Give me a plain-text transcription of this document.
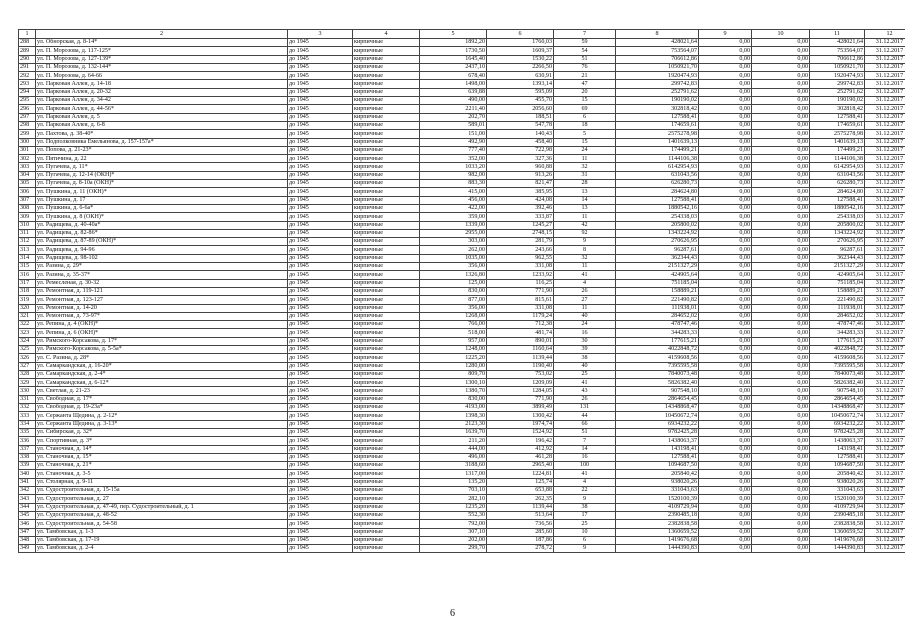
1	2	3	4	5	6	7	8	9	10	11	12
288	ул. Обнорская, д. 8-14*	до 1945	кирпичные	1892,20	1760,03	59	428021,64	0,00	0,00	428021,64	31.12.2017
289	ул. П. Морозова, д. 117-125*	до 1945	кирпичные	1730,50	1609,37	54	753564,07	0,00	0,00	753564,07	31.12.2017
290	ул. П. Морозова, д. 127-139*	до 1945	кирпичные	1645,40	1530,22	51	706612,86	0,00	0,00	706612,86	31.12.2017
291	ул. П. Морозова, д. 132-144*	до 1945	кирпичные	2437,10	2266,50	76	1050921,70	0,00	0,00	1050921,70	31.12.2017
292	ул. П. Морозова, д. 64-66	до 1945	кирпичные	678,40	630,91	21	1920474,93	0,00	0,00	1920474,93	31.12.2017
293	ул. Парковая Аллея, д. 14-18	до 1945	кирпичные	1498,00	1393,14	47	299742,83	0,00	0,00	299742,83	31.12.2017
294	ул. Парковая Аллея, д. 20-32	до 1945	кирпичные	639,88	595,09	20	252791,62	0,00	0,00	252791,62	31.12.2017
295	ул. Парковая Аллея, д. 34-42	до 1945	кирпичные	490,00	455,70	15	190190,02	0,00	0,00	190190,02	31.12.2017
296	ул. Парковая Аллея, д. 44-56*	до 1945	кирпичные	2211,40	2056,60	69	302818,42	0,00	0,00	302818,42	31.12.2017
297	ул. Парковая Аллея, д. 5	до 1945	кирпичные	202,70	188,51	6	127588,41	0,00	0,00	127588,41	31.12.2017
298	ул. Парковая Аллея, д. 6-8	до 1945	кирпичные	589,01	547,78	18	174659,61	0,00	0,00	174659,61	31.12.2017
299	ул. Пахтова, д. 38-40*	до 1945	кирпичные	151,00	140,43	5	2575278,98	0,00	0,00	2575278,98	31.12.2017
300	ул. Подполковника Емельянова, д. 157-157а*	до 1945	кирпичные	492,90	458,40	15	1401639,13	0,00	0,00	1401639,13	31.12.2017
301	ул. Попова, д. 21-23*	до 1945	кирпичные	777,40	722,98	24	174499,21	0,00	0,00	174499,21	31.12.2017
302	ул. Пятичина, д. 22	до 1945	кирпичные	352,00	327,36	11	1144106,38	0,00	0,00	1144106,38	31.12.2017
303	ул. Пугачева, д. 11*	до 1945	кирпичные	1033,20	960,88	32	6142954,93	0,00	0,00	6142954,93	31.12.2017
304	ул. Пугачева, д. 12-14 (ОКН)*	до 1945	кирпичные	982,00	913,26	31	631043,56	0,00	0,00	631043,56	31.12.2017
305	ул. Пугачева, д. 8-10а (ОКН)*	до 1945	кирпичные	883,30	821,47	28	626280,73	0,00	0,00	626280,73	31.12.2017
306	ул. Пушкина, д. 11 (ОКН)*	до 1945	кирпичные	415,00	385,95	13	284624,80	0,00	0,00	284624,80	31.12.2017
307	ул. Пушкина, д. 17	до 1945	кирпичные	456,00	424,08	14	127588,41	0,00	0,00	127588,41	31.12.2017
308	ул. Пушкина, д. 6-6а*	до 1945	кирпичные	422,00	392,46	13	1880542,16	0,00	0,00	1880542,16	31.12.2017
309	ул. Пушкина, д. 8 (ОКН)*	до 1945	кирпичные	359,00	333,87	11	254338,03	0,00	0,00	254338,03	31.12.2017
310	ул. Радищева, д. 40-40а*	до 1945	кирпичные	1339,00	1245,27	42	205800,02	0,00	0,00	205800,02	31.12.2017
311	ул. Радищева, д. 82-86*	до 1945	кирпичные	2955,00	2748,15	92	1343224,92	0,00	0,00	1343224,92	31.12.2017
312	ул. Радищева, д. 87-89 (ОКН)*	до 1945	кирпичные	303,00	281,79	9	270626,95	0,00	0,00	270626,95	31.12.2017
313	ул. Радищева, д. 94-96	до 1945	кирпичные	262,00	243,66	8	96287,61	0,00	0,00	96287,61	31.12.2017
314	ул. Радищева, д. 98-102	до 1945	кирпичные	1035,00	962,55	32	362344,43	0,00	0,00	362344,43	31.12.2017
315	ул. Разина, д. 29*	до 1945	кирпичные	356,00	331,08	11	2151327,29	0,00	0,00	2151327,29	31.12.2017
316	ул. Разина, д. 35-37*	до 1945	кирпичные	1326,80	1233,92	41	424905,64	0,00	0,00	424905,64	31.12.2017
317	ул. Ремесленая, д. 30-32	до 1945	кирпичные	125,00	116,25	4	751185,04	0,00	0,00	751185,04	31.12.2017
318	ул. Ремонтная, д. 119-121	до 1945	кирпичные	830,00	771,90	26	158889,21	0,00	0,00	158889,21	31.12.2017
319	ул. Ремонтная, д. 123-127	до 1945	кирпичные	877,00	815,61	27	221490,82	0,00	0,00	221490,82	31.12.2017
320	ул. Ремонтная, д. 14-20	до 1945	кирпичные	356,00	331,08	11	111938,01	0,00	0,00	111938,01	31.12.2017
321	ул. Ремонтная, д. 73-97*	до 1945	кирпичные	1268,00	1179,24	40	284652,02	0,00	0,00	284652,02	31.12.2017
322	ул. Репина, д. 4 (ОКН)*	до 1945	кирпичные	766,00	712,38	24	478747,46	0,00	0,00	478747,46	31.12.2017
323	ул. Репина, д. 6 (ОКН)*	до 1945	кирпичные	518,00	481,74	16	344283,33	0,00	0,00	344283,33	31.12.2017
324	ул. Римского-Корсакова, д. 17*	до 1945	кирпичные	957,00	890,01	30	177615,21	0,00	0,00	177615,21	31.12.2017
325	ул. Римского-Корсакова, д. 5-5а*	до 1945	кирпичные	1248,00	1160,64	39	4022848,72	0,00	0,00	4022848,72	31.12.2017
326	ул. С. Разина, д. 28*	до 1945	кирпичные	1225,20	1139,44	38	4159608,56	0,00	0,00	4159608,56	31.12.2017
327	ул. Самаркандская, д. 16-20*	до 1945	кирпичные	1280,00	1190,40	40	7395595,58	0,00	0,00	7395595,58	31.12.2017
328	ул. Самаркандская, д. 2-4*	до 1945	кирпичные	809,70	753,02	25	7840073,48	0,00	0,00	7840073,48	31.12.2017
329	ул. Самаркандская, д. 6-12*	до 1945	кирпичные	1300,10	1209,09	41	5826382,40	0,00	0,00	5826382,40	31.12.2017
330	ул. Светлая, д. 21-23	до 1945	кирпичные	1380,70	1284,05	43	907548,10	0,00	0,00	907548,10	31.12.2017
331	ул. Свободная, д. 17*	до 1945	кирпичные	830,00	771,90	26	2864654,45	0,00	0,00	2864654,45	31.12.2017
332	ул. Свободная, д. 19-23а*	до 1945	кирпичные	4193,00	3899,49	131	14348868,47	0,00	0,00	14348868,47	31.12.2017
333	ул. Сержанта Щедина, д. 2-12*	до 1945	кирпичные	1398,30	1300,42	44	10450672,74	0,00	0,00	10450672,74	31.12.2017
334	ул. Сержанта Щедина, д. 3-13*	до 1945	кирпичные	2123,30	1974,74	66	6934232,22	0,00	0,00	6934232,22	31.12.2017
335	ул. Сибирская, д. 32*	до 1945	кирпичные	1639,70	1524,92	51	9782425,28	0,00	0,00	9782425,28	31.12.2017
336	ул. Спортивная, д. 3*	до 1945	кирпичные	211,20	196,42	7	1438063,37	0,00	0,00	1438063,37	31.12.2017
337	ул. Станочная, д. 14*	до 1945	кирпичные	444,00	412,92	14	143198,41	0,00	0,00	143198,41	31.12.2017
338	ул. Станочная, д. 15*	до 1945	кирпичные	496,00	461,28	16	127588,41	0,00	0,00	127588,41	31.12.2017
339	ул. Станочная, д. 21*	до 1945	кирпичные	3188,60	2965,40	100	1094687,50	0,00	0,00	1094687,50	31.12.2017
340	ул. Станочная, д. 3-5	до 1945	кирпичные	1317,00	1224,81	41	205840,42	0,00	0,00	205840,42	31.12.2017
341	ул. Столярная, д. 9-11	до 1945	кирпичные	135,20	125,74	4	938020,26	0,00	0,00	938020,26	31.12.2017
342	ул. Судостроительная, д. 15-15а	до 1945	кирпичные	703,10	653,88	22	331043,63	0,00	0,00	331043,63	31.12.2017
343	ул. Судостроительная, д. 27	до 1945	кирпичные	282,10	262,35	9	1520100,39	0,00	0,00	1520100,39	31.12.2017
344	ул. Судостроительная, д. 47-49, пер. Судостроительный, д. 1	до 1945	кирпичные	1235,20	1139,44	38	4109729,94	0,00	0,00	4109729,94	31.12.2017
345	ул. Судостроительная, д. 48-52	до 1945	кирпичные	552,30	513,64	17	2390485,18	0,00	0,00	2390485,18	31.12.2017
346	ул. Судостроительная, д. 54-58	до 1945	кирпичные	792,00	736,56	25	2382838,58	0,00	0,00	2382838,58	31.12.2017
347	ул. Тамбовская, д. 1-3	до 1945	кирпичные	307,10	285,60	10	1360659,52	0,00	0,00	1360659,52	31.12.2017
348	ул. Тамбовская, д. 17-19	до 1945	кирпичные	202,00	187,86	6	1419676,68	0,00	0,00	1419676,68	31.12.2017
349	ул. Тамбовская, д. 2-4	до 1945	кирпичные	299,70	278,72	9	1444390,83	0,00	0,00	1444390,83	31.12.2017
6
